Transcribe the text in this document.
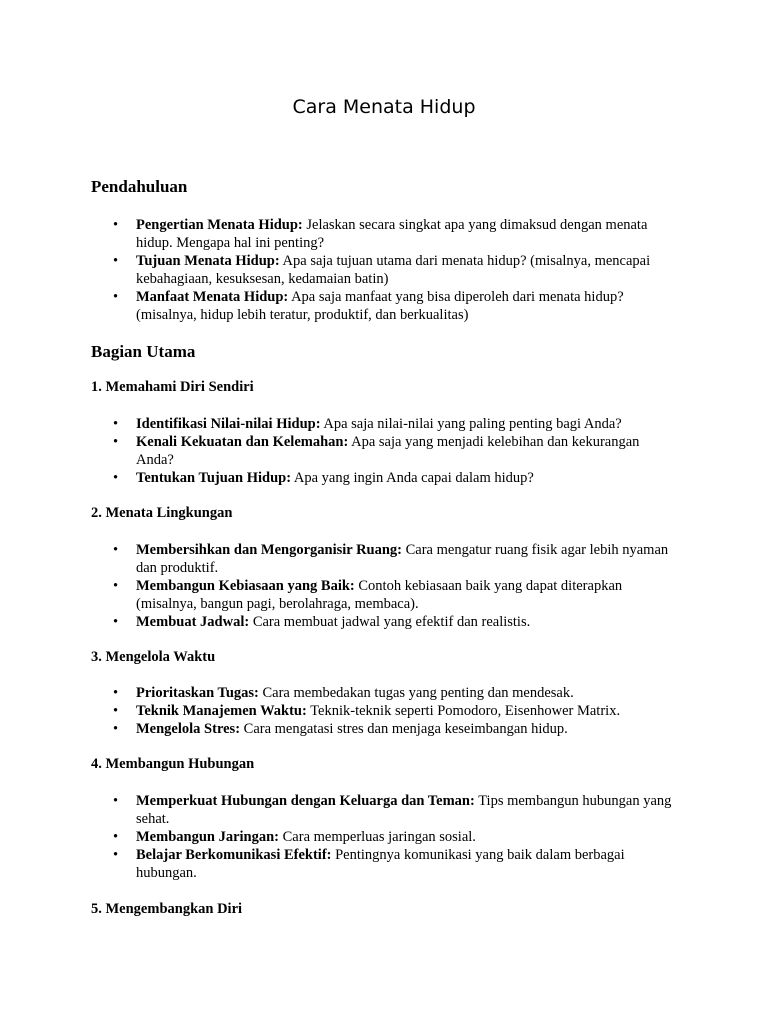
Cara Menata Hidup
Pendahuluan
• Pengertian Menata Hidup: Jelaskan secara singkat apa yang dimaksud dengan menata hidup. Mengapa hal ini penting?
• Tujuan Menata Hidup: Apa saja tujuan utama dari menata hidup? (misalnya, mencapai kebahagiaan, kesuksesan, kedamaian batin)
• Manfaat Menata Hidup: Apa saja manfaat yang bisa diperoleh dari menata hidup? (misalnya, hidup lebih teratur, produktif, dan berkualitas)
Bagian Utama
1. Memahami Diri Sendiri
• Identifikasi Nilai-nilai Hidup: Apa saja nilai-nilai yang paling penting bagi Anda?
• Kenali Kekuatan dan Kelemahan: Apa saja yang menjadi kelebihan dan kekurangan Anda?
• Tentukan Tujuan Hidup: Apa yang ingin Anda capai dalam hidup?
2. Menata Lingkungan
• Membersihkan dan Mengorganisir Ruang: Cara mengatur ruang fisik agar lebih nyaman dan produktif.
• Membangun Kebiasaan yang Baik: Contoh kebiasaan baik yang dapat diterapkan (misalnya, bangun pagi, berolahraga, membaca).
• Membuat Jadwal: Cara membuat jadwal yang efektif dan realistis.
3. Mengelola Waktu
• Prioritaskan Tugas: Cara membedakan tugas yang penting dan mendesak.
• Teknik Manajemen Waktu: Teknik-teknik seperti Pomodoro, Eisenhower Matrix.
• Mengelola Stres: Cara mengatasi stres dan menjaga keseimbangan hidup.
4. Membangun Hubungan
• Memperkuat Hubungan dengan Keluarga dan Teman: Tips membangun hubungan yang sehat.
• Membangun Jaringan: Cara memperluas jaringan sosial.
• Belajar Berkomunikasi Efektif: Pentingnya komunikasi yang baik dalam berbagai hubungan.
5. Mengembangkan Diri
